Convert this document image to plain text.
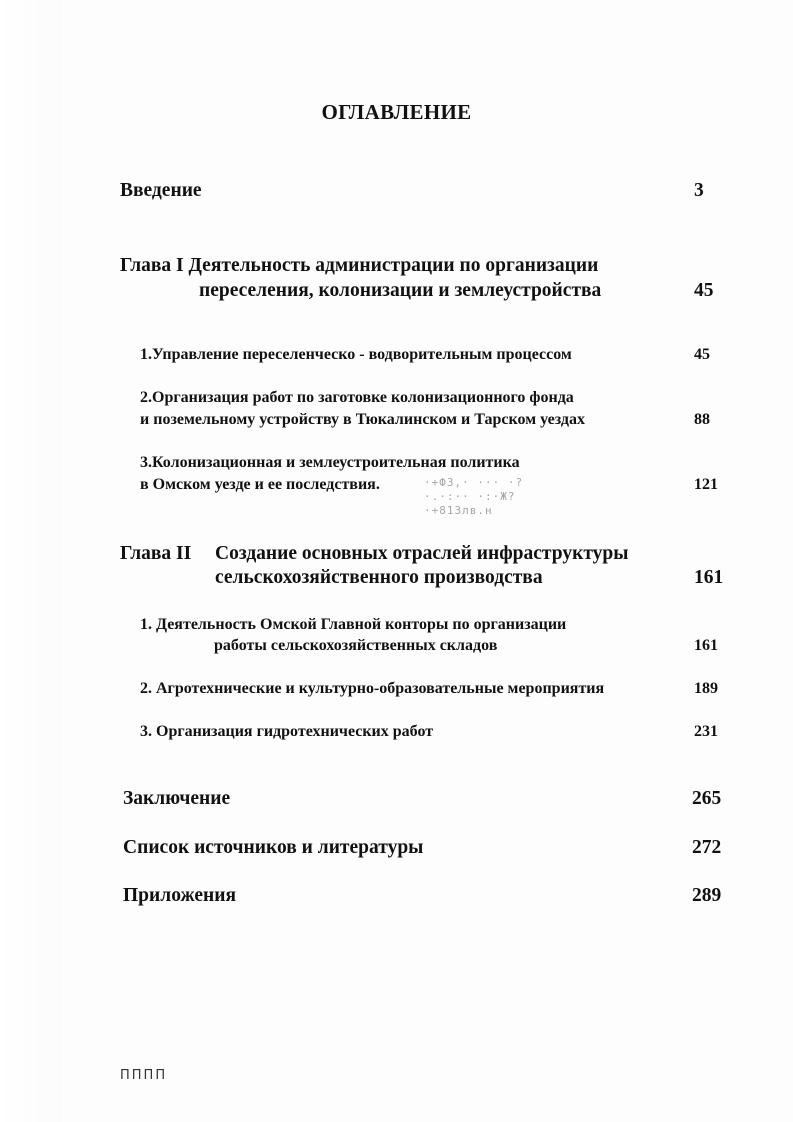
ОГЛАВЛЕНИЕ
Введение	3
Глава I Деятельность администрации по организации
переселения, колонизации и землеустройства	45
1.Управление переселенческо - водворительным процессом	45
2.Организация работ по заготовке колонизационного фонда
и поземельному устройству в Тюкалинском и Тарском уездах	88
3.Колонизационная и землеустроительная политика
в Омском уезде и ее последствия.	121
·+Ф3,· ··· ·?
·.·:·· ·:·Ж?
·+813лв.н
Глава II Создание основных отраслей инфраструктуры
сельскохозяйственного производства	161
1. Деятельность Омской Главной конторы по организации
работы сельскохозяйственных складов	161
2. Агротехнические и культурно-образовательные мероприятия	189
3. Организация гидротехнических работ	231
Заключение	265
Список источников и литературы	272
Приложения	289
ПППП
